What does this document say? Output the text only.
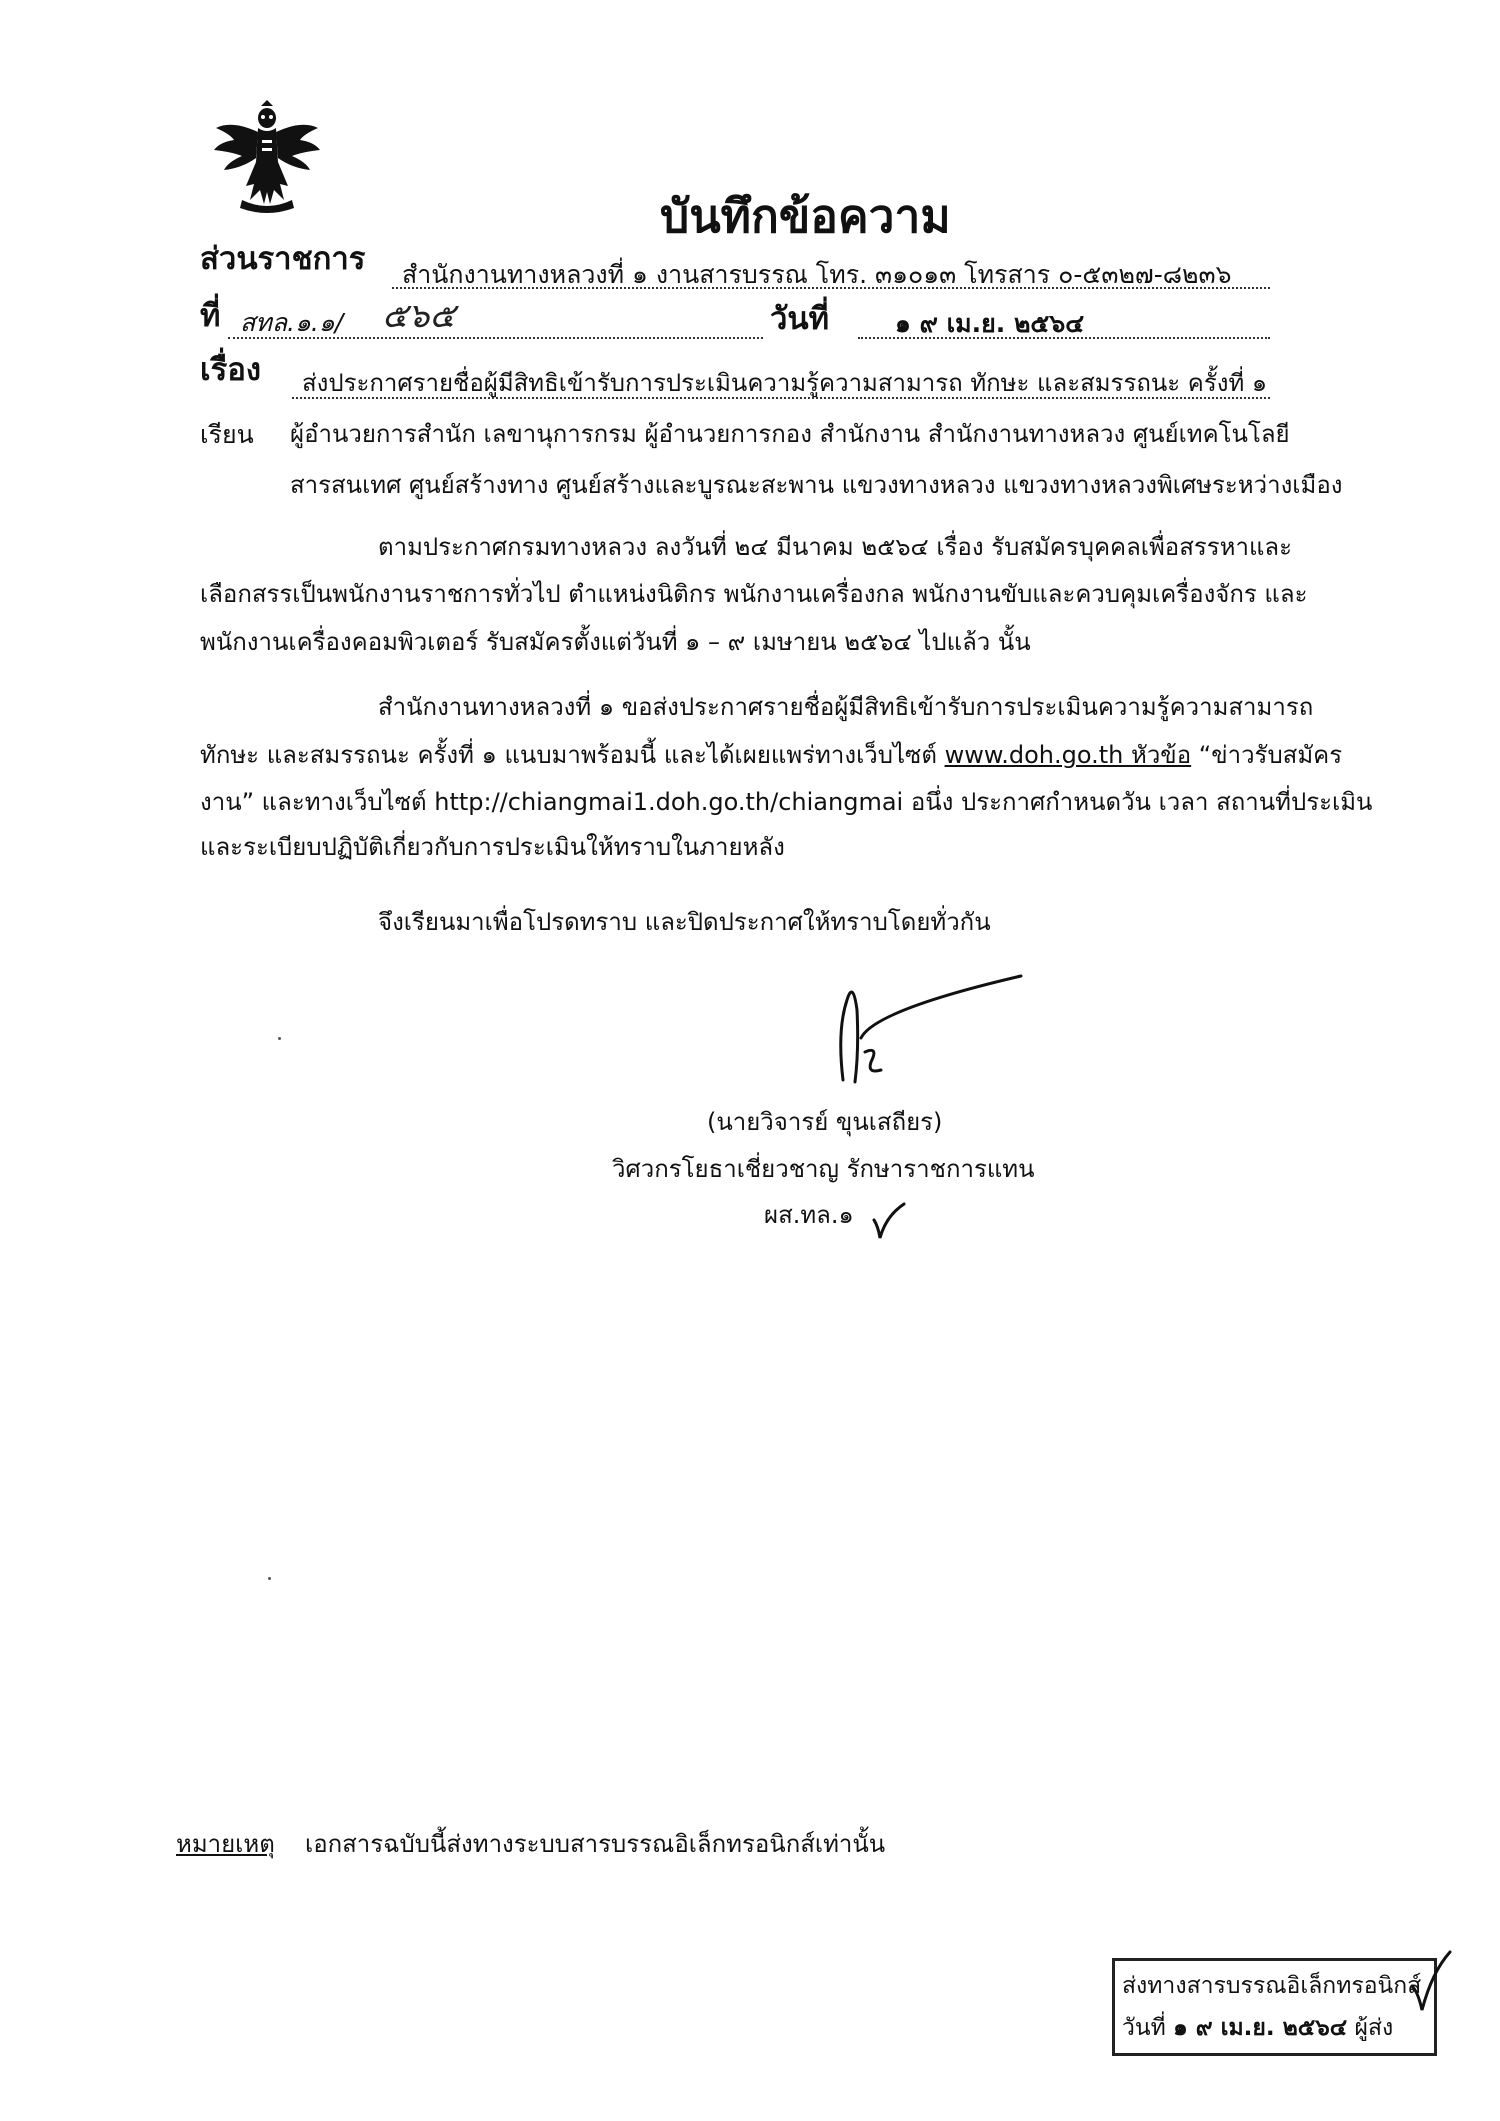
บันทึกข้อความ
ส่วนราชการ สำนักงานทางหลวงที่ ๑ งานสารบรรณ โทร. ๓๑๐๑๓ โทรสาร ๐-๕๓๒๗-๘๒๓๖
ที่ สทล.๑.๑/ ๕๖๕	วันที่	๑ ๙ เม.ย. ๒๕๖๔
เรื่อง ส่งประกาศรายชื่อผู้มีสิทธิเข้ารับการประเมินความรู้ความสามารถ ทักษะ และสมรรถนะ ครั้งที่ ๑
เรียน ผู้อำนวยการสำนัก เลขานุการกรม ผู้อำนวยการกอง สำนักงาน สำนักงานทางหลวง ศูนย์เทคโนโลยี
สารสนเทศ ศูนย์สร้างทาง ศูนย์สร้างและบูรณะสะพาน แขวงทางหลวง แขวงทางหลวงพิเศษระหว่างเมือง
ตามประกาศกรมทางหลวง ลงวันที่ ๒๔ มีนาคม ๒๕๖๔ เรื่อง รับสมัครบุคคลเพื่อสรรหาและ
เลือกสรรเป็นพนักงานราชการทั่วไป ตำแหน่งนิติกร พนักงานเครื่องกล พนักงานขับและควบคุมเครื่องจักร และ
พนักงานเครื่องคอมพิวเตอร์ รับสมัครตั้งแต่วันที่ ๑ – ๙ เมษายน ๒๕๖๔ ไปแล้ว นั้น
สำนักงานทางหลวงที่ ๑ ขอส่งประกาศรายชื่อผู้มีสิทธิเข้ารับการประเมินความรู้ความสามารถ
ทักษะ และสมรรถนะ ครั้งที่ ๑ แนบมาพร้อมนี้ และได้เผยแพร่ทางเว็บไซต์ www.doh.go.th หัวข้อ “ข่าวรับสมัคร
งาน” และทางเว็บไซต์ http://chiangmai1.doh.go.th/chiangmai อนึ่ง ประกาศกำหนดวัน เวลา สถานที่ประเมิน
และระเบียบปฏิบัติเกี่ยวกับการประเมินให้ทราบในภายหลัง
จึงเรียนมาเพื่อโปรดทราบ และปิดประกาศให้ทราบโดยทั่วกัน
(นายวิจารย์ ขุนเสถียร)
วิศวกรโยธาเชี่ยวชาญ รักษาราชการแทน
ผส.ทล.๑
หมายเหตุ เอกสารฉบับนี้ส่งทางระบบสารบรรณอิเล็กทรอนิกส์เท่านั้น
ส่งทางสารบรรณอิเล็กทรอนิกส์
วันที่ ๑ ๙ เม.ย. ๒๕๖๔ ผู้ส่ง
